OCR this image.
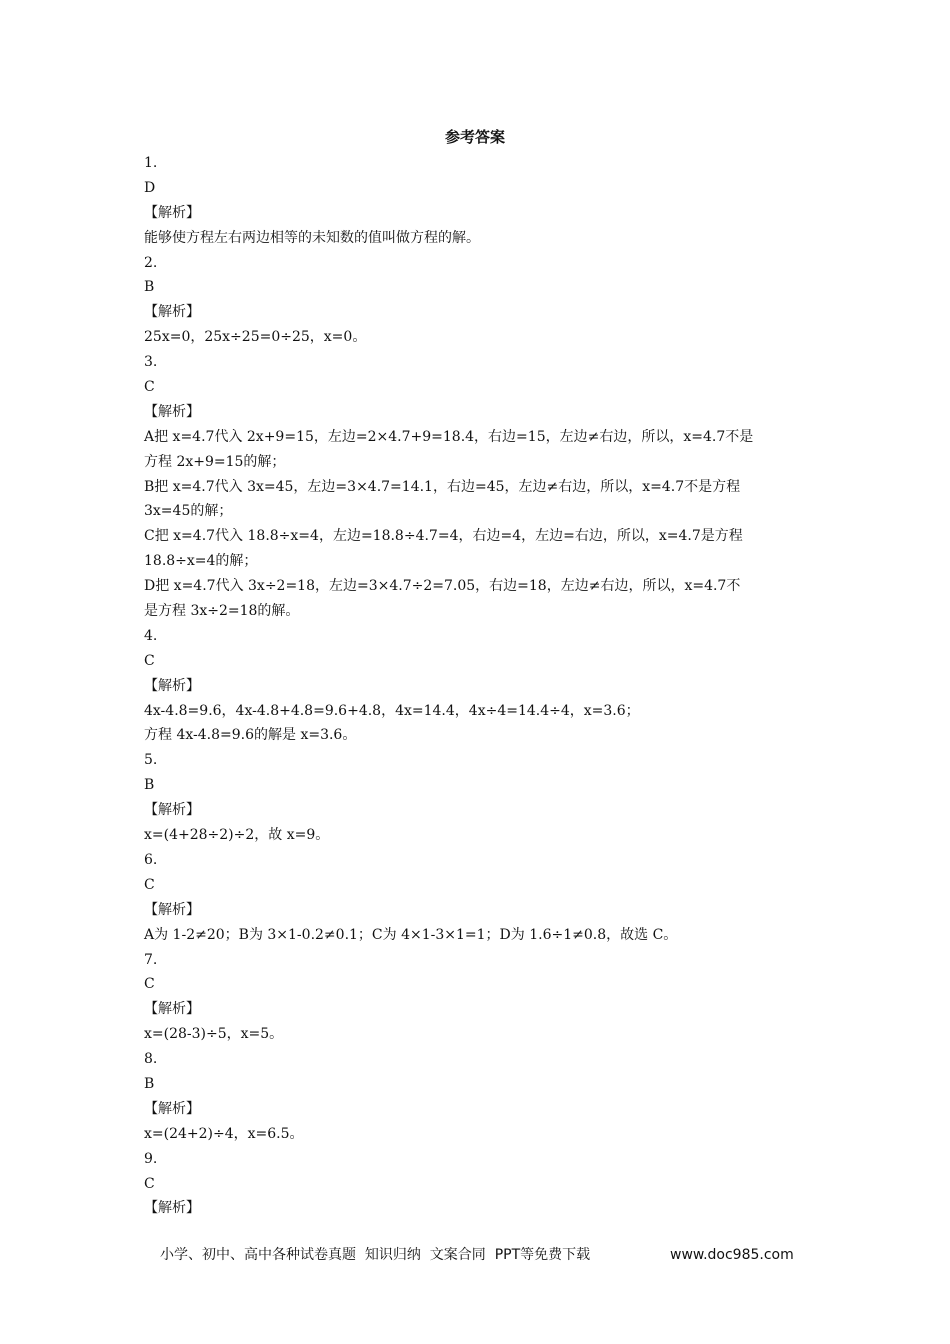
参考答案
1.
D
【解析】
能够使方程左右两边相等的未知数的值叫做方程的解。
2.
B
【解析】
25x=0，25x÷25=0÷25，x=0。
3.
C
【解析】
A把 x=4.7代入 2x+9=15，左边=2×4.7+9=18.4，右边=15，左边≠右边，所以，x=4.7不是
方程 2x+9=15的解；
B把 x=4.7代入 3x=45，左边=3×4.7=14.1，右边=45，左边≠右边，所以，x=4.7不是方程
3x=45的解；
C把 x=4.7代入 18.8÷x=4，左边=18.8÷4.7=4，右边=4，左边=右边，所以，x=4.7是方程
18.8÷x=4的解；
D把 x=4.7代入 3x÷2=18，左边=3×4.7÷2=7.05，右边=18，左边≠右边，所以，x=4.7不
是方程 3x÷2=18的解。
4.
C
【解析】
4x-4.8=9.6，4x-4.8+4.8=9.6+4.8，4x=14.4，4x÷4=14.4÷4，x=3.6；
方程 4x-4.8=9.6的解是 x=3.6。
5.
B
【解析】
x=(4+28÷2)÷2，故 x=9。
6.
C
【解析】
A为 1-2≠20；B为 3×1-0.2≠0.1；C为 4×1-3×1=1；D为 1.6÷1≠0.8，故选 C。
7.
C
【解析】
x=(28-3)÷5，x=5。
8.
B
【解析】
x=(24+2)÷4，x=6.5。
9.
C
【解析】
小学、初中、高中各种试卷真题  知识归纳  文案合同  PPT等免费下载	www.doc985.com
